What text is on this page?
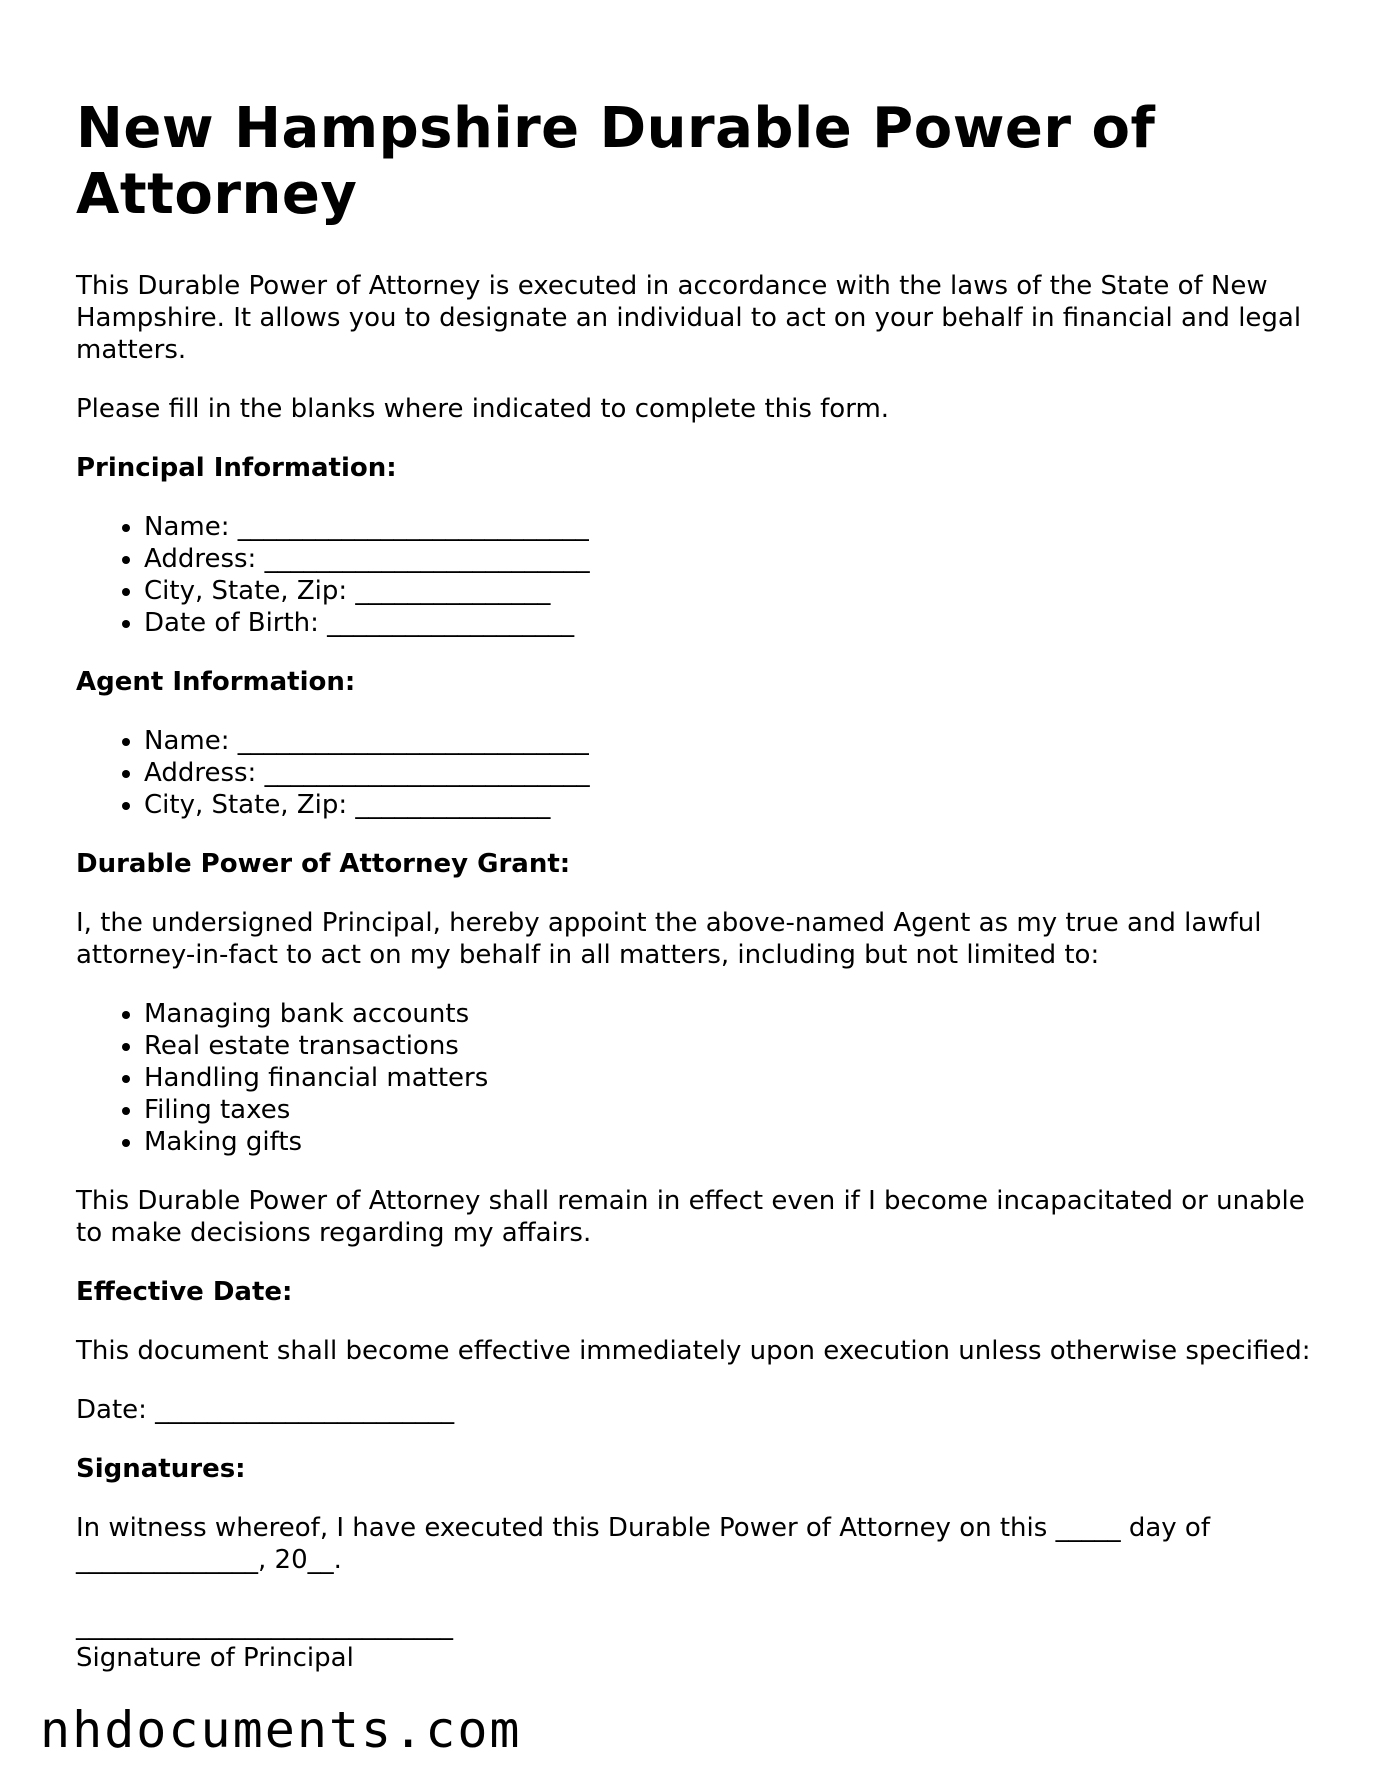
New Hampshire Durable Power of Attorney

This Durable Power of Attorney is executed in accordance with the laws of the State of New Hampshire. It allows you to designate an individual to act on your behalf in financial and legal matters.

Please fill in the blanks where indicated to complete this form.

Principal Information:
• Name: ___________________________
• Address: _________________________
• City, State, Zip: _______________
• Date of Birth: ___________________
Agent Information:
• Name: ___________________________
• Address: _________________________
• City, State, Zip: _______________
Durable Power of Attorney Grant:

I, the undersigned Principal, hereby appoint the above-named Agent as my true and lawful attorney-in-fact to act on my behalf in all matters, including but not limited to:

• Managing bank accounts
• Real estate transactions
• Handling financial matters
• Filing taxes
• Making gifts

This Durable Power of Attorney shall remain in effect even if I become incapacitated or unable to make decisions regarding my affairs.

Effective Date:

This document shall become effective immediately upon execution unless otherwise specified:

Date: _______________________

Signatures:

In witness whereof, I have executed this Durable Power of Attorney on this _____ day of ______________, 20__.

_____________________________
Signature of Principal
nhdocuments.com
